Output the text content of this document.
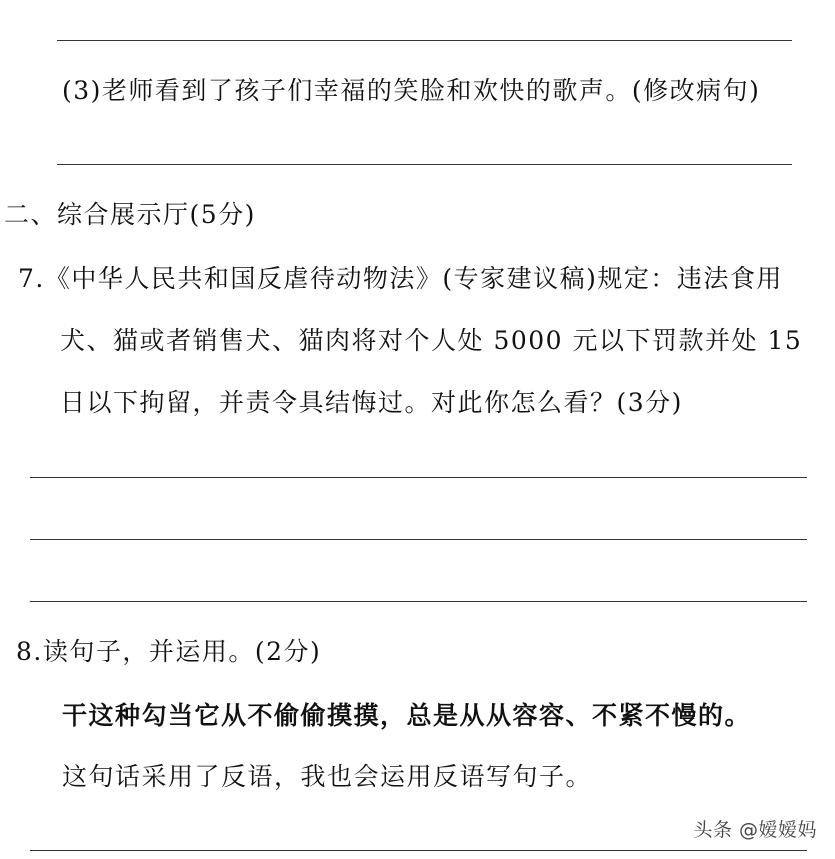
(3)老师看到了孩子们幸福的笑脸和欢快的歌声。(修改病句)
二、综合展示厅(5分)
7.《中华人民共和国反虐待动物法》(专家建议稿)规定：违法食用
犬、猫或者销售犬、猫肉将对个人处 5000 元以下罚款并处 15
日以下拘留，并责令具结悔过。对此你怎么看？(3分)
8.读句子，并运用。(2分)
干这种勾当它从不偷偷摸摸，总是从从容容、不紧不慢的。
这句话采用了反语，我也会运用反语写句子。
头条 @嫒嫒妈
